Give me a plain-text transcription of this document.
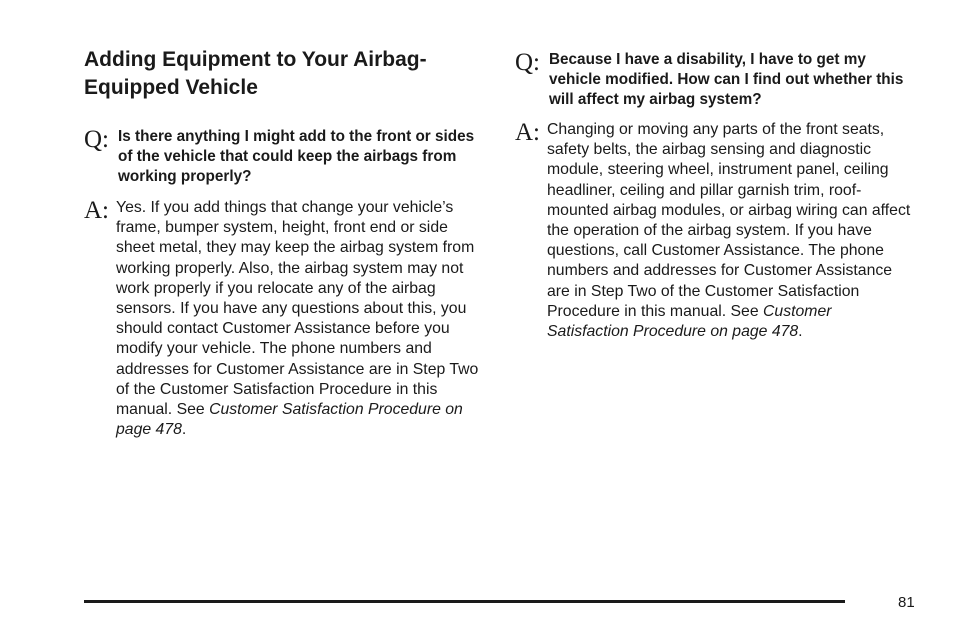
Adding Equipment to Your Airbag-Equipped Vehicle
Q: Is there anything I might add to the front or sides of the vehicle that could keep the airbags from working properly?
A: Yes. If you add things that change your vehicle’s frame, bumper system, height, front end or side sheet metal, they may keep the airbag system from working properly. Also, the airbag system may not work properly if you relocate any of the airbag sensors. If you have any questions about this, you should contact Customer Assistance before you modify your vehicle. The phone numbers and addresses for Customer Assistance are in Step Two of the Customer Satisfaction Procedure in this manual. See Customer Satisfaction Procedure on page 478.
Q: Because I have a disability, I have to get my vehicle modified. How can I find out whether this will affect my airbag system?
A: Changing or moving any parts of the front seats, safety belts, the airbag sensing and diagnostic module, steering wheel, instrument panel, ceiling headliner, ceiling and pillar garnish trim, roof-mounted airbag modules, or airbag wiring can affect the operation of the airbag system. If you have questions, call Customer Assistance. The phone numbers and addresses for Customer Assistance are in Step Two of the Customer Satisfaction Procedure in this manual. See Customer Satisfaction Procedure on page 478.
81
